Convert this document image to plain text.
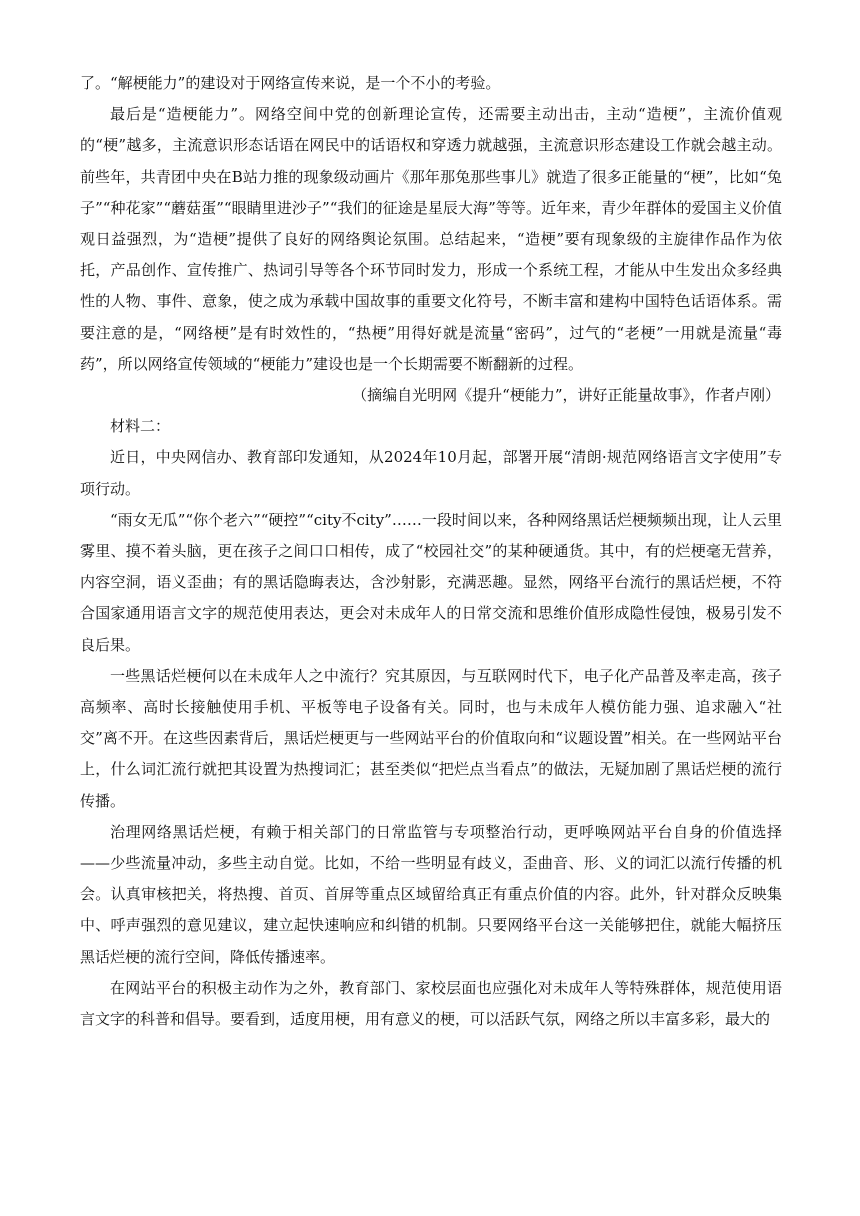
了。“解梗能力”的建设对于网络宣传来说，是一个不小的考验。

最后是“造梗能力”。网络空间中党的创新理论宣传，还需要主动出击，主动“造梗”，主流价值观的“梗”越多，主流意识形态话语在网民中的话语权和穿透力就越强，主流意识形态建设工作就会越主动。前些年，共青团中央在B站力推的现象级动画片《那年那兔那些事儿》就造了很多正能量的“梗”，比如“兔子”“种花家”“蘑菇蛋”“眼睛里进沙子”“我们的征途是星辰大海”等等。近年来，青少年群体的爱国主义价值观日益强烈，为“造梗”提供了良好的网络舆论氛围。总结起来，“造梗”要有现象级的主旋律作品作为依托，产品创作、宣传推广、热词引导等各个环节同时发力，形成一个系统工程，才能从中生发出众多经典性的人物、事件、意象，使之成为承载中国故事的重要文化符号，不断丰富和建构中国特色话语体系。需要注意的是，“网络梗”是有时效性的，“热梗”用得好就是流量“密码”，过气的“老梗”一用就是流量“毒药”，所以网络宣传领域的“梗能力”建设也是一个长期需要不断翻新的过程。

（摘编自光明网《提升“梗能力”，讲好正能量故事》，作者卢刚）

材料二：

近日，中央网信办、教育部印发通知，从2024年10月起，部署开展“清朗·规范网络语言文字使用”专项行动。

“雨女无瓜”“你个老六”“硬控”“city不city”……一段时间以来，各种网络黑话烂梗频频出现，让人云里雾里、摸不着头脑，更在孩子之间口口相传，成了“校园社交”的某种硬通货。其中，有的烂梗毫无营养，内容空洞，语义歪曲；有的黑话隐晦表达，含沙射影，充满恶趣。显然，网络平台流行的黑话烂梗，不符合国家通用语言文字的规范使用表达，更会对未成年人的日常交流和思维价值形成隐性侵蚀，极易引发不良后果。

一些黑话烂梗何以在未成年人之中流行？究其原因，与互联网时代下，电子化产品普及率走高，孩子高频率、高时长接触使用手机、平板等电子设备有关。同时，也与未成年人模仿能力强、追求融入“社交”离不开。在这些因素背后，黑话烂梗更与一些网站平台的价值取向和“议题设置”相关。在一些网站平台上，什么词汇流行就把其设置为热搜词汇；甚至类似“把烂点当看点”的做法，无疑加剧了黑话烂梗的流行传播。

治理网络黑话烂梗，有赖于相关部门的日常监管与专项整治行动，更呼唤网站平台自身的价值选择——少些流量冲动，多些主动自觉。比如，不给一些明显有歧义，歪曲音、形、义的词汇以流行传播的机会。认真审核把关，将热搜、首页、首屏等重点区域留给真正有重点价值的内容。此外，针对群众反映集中、呼声强烈的意见建议，建立起快速响应和纠错的机制。只要网络平台这一关能够把住，就能大幅挤压黑话烂梗的流行空间，降低传播速率。

在网站平台的积极主动作为之外，教育部门、家校层面也应强化对未成年人等特殊群体，规范使用语言文字的科普和倡导。要看到，适度用梗，用有意义的梗，可以活跃气氛，网络之所以丰富多彩，最大的
